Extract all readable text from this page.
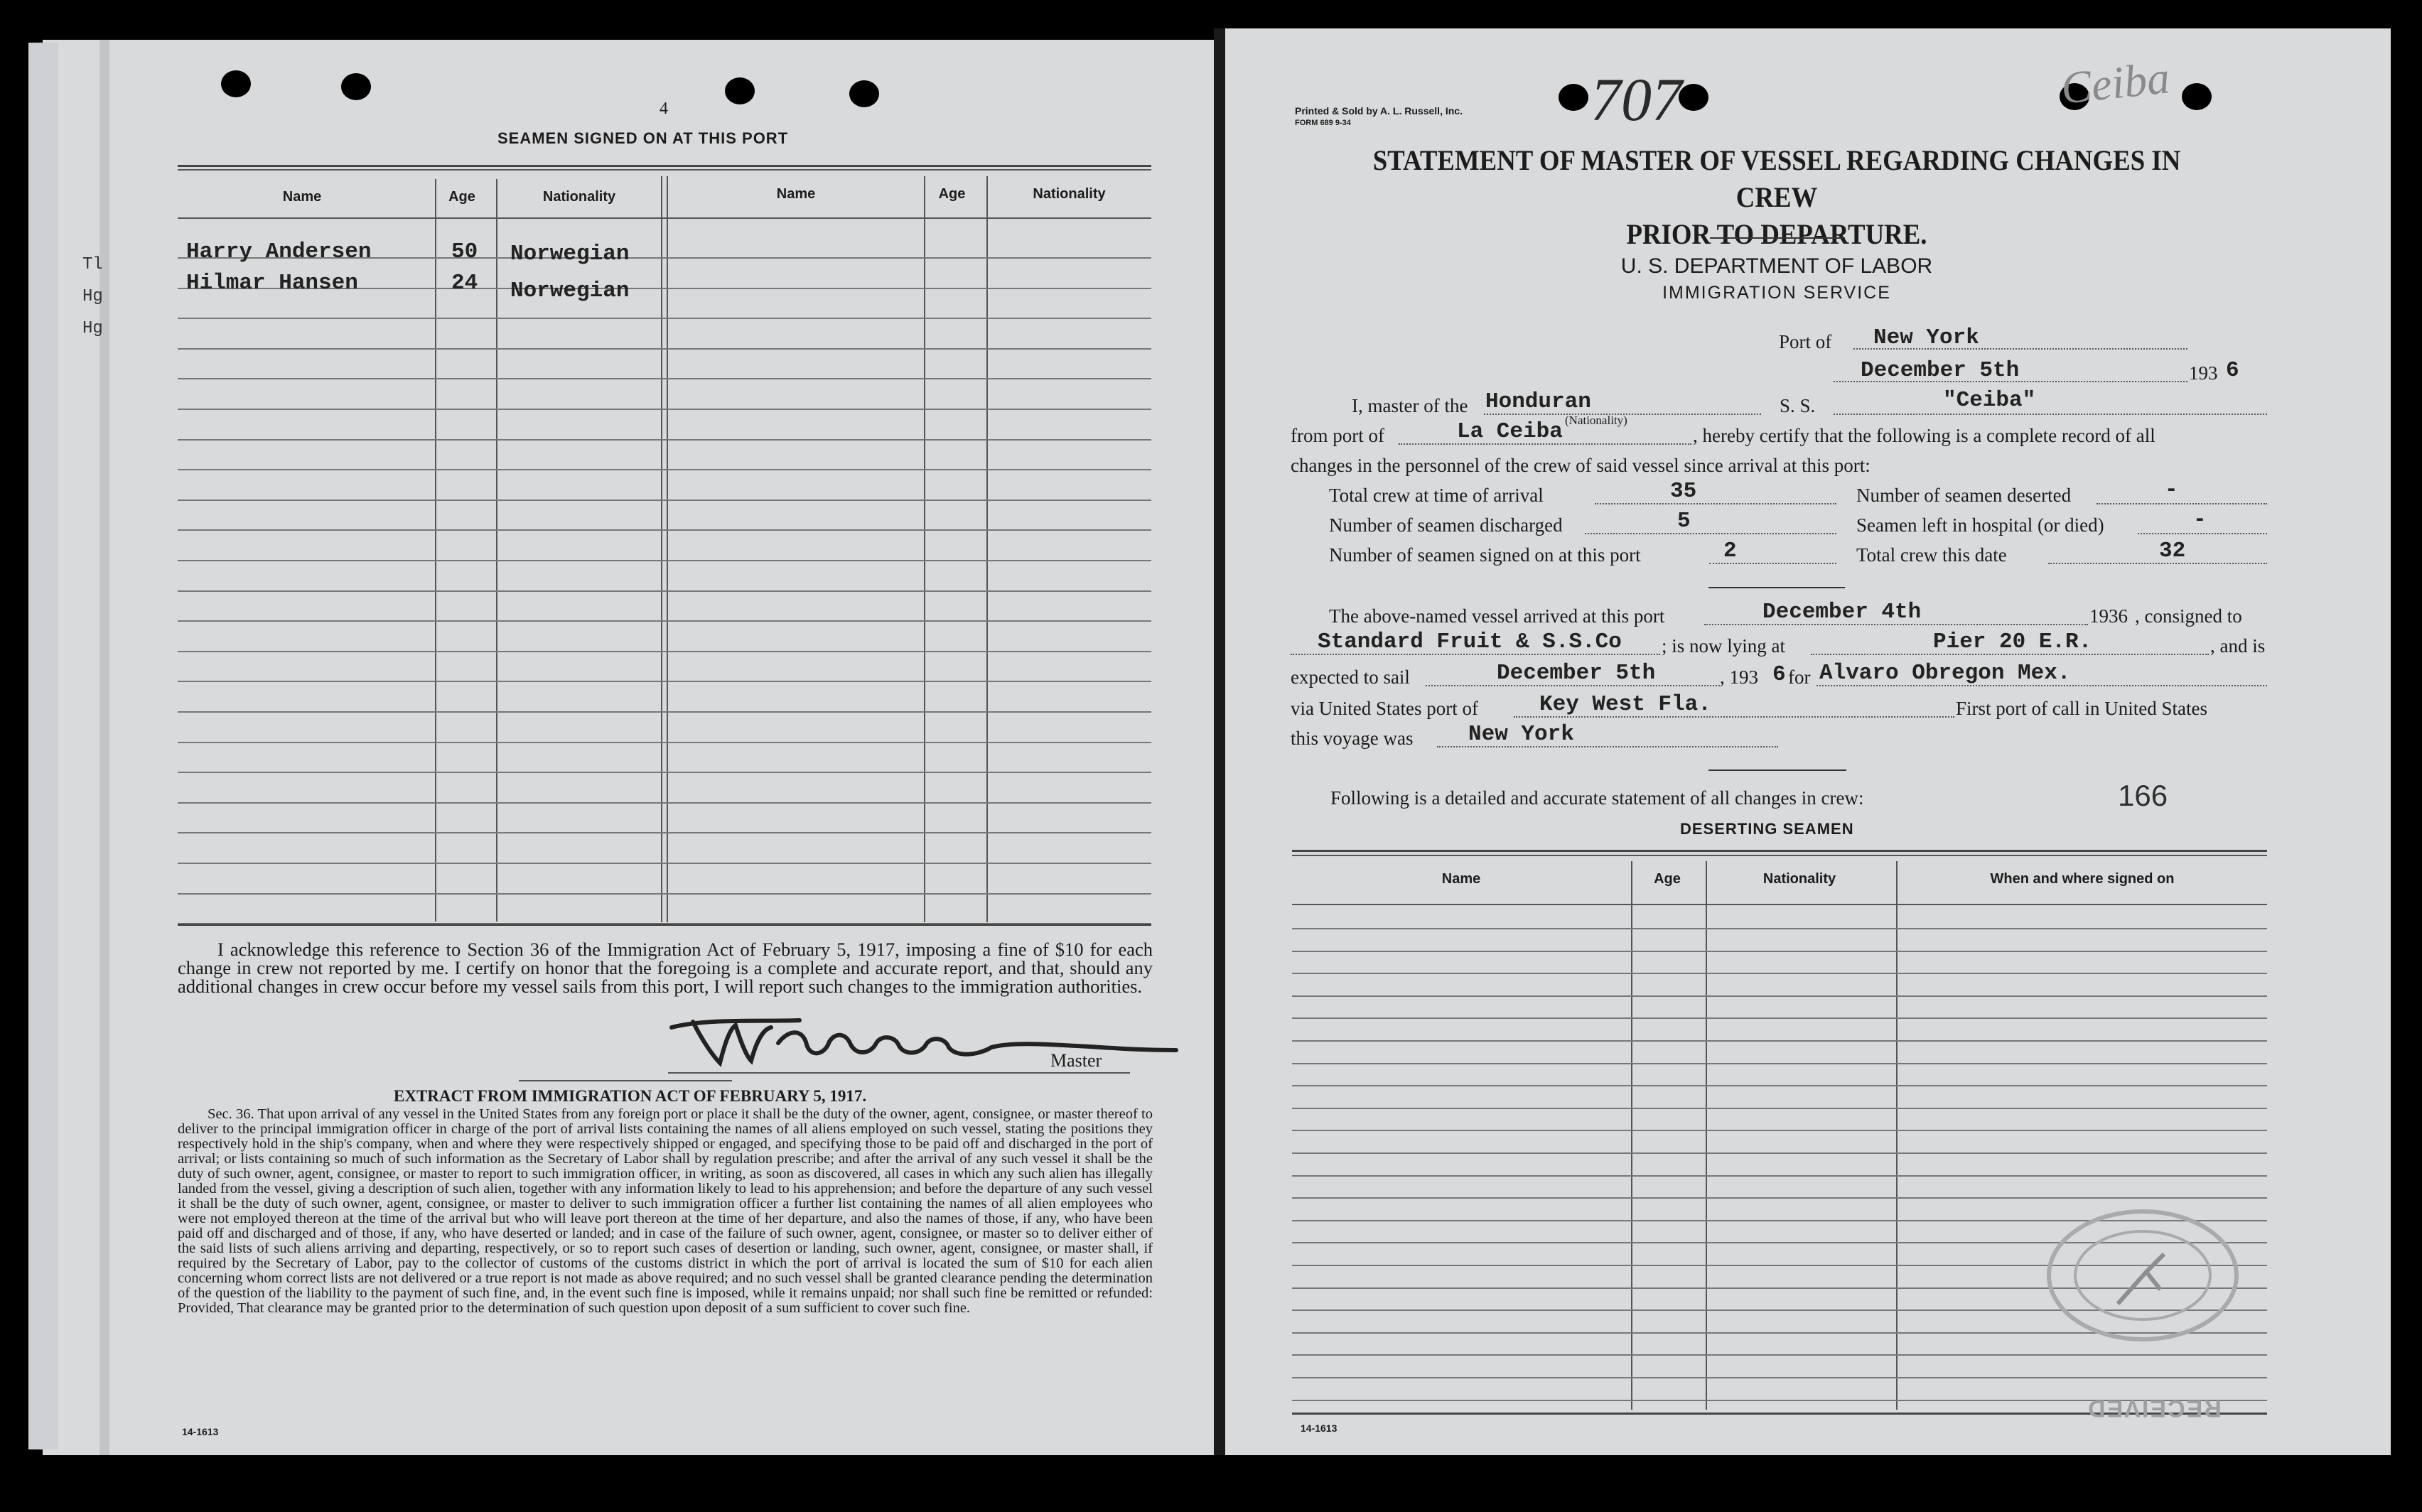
Tl
Hg
Hg
4
SEAMEN SIGNED ON AT THIS PORT
Name	Age	Nationality	Name	Age	Nationality
Harry Andersen	50 Norwegian
Hilmar Hansen	24 Norwegian
I acknowledge this reference to Section 36 of the Immigration Act of February 5, 1917, imposing a fine of $10 for each change in crew not reported by me. I certify on honor that the foregoing is a complete and accurate report, and that, should any additional changes in crew occur before my vessel sails from this port, I will report such changes to the immigration authorities.
Master
EXTRACT FROM IMMIGRATION ACT OF FEBRUARY 5, 1917.
Sec. 36. That upon arrival of any vessel in the United States from any foreign port or place it shall be the duty of the owner, agent, consignee, or master thereof to deliver to the principal immigration officer in charge of the port of arrival lists containing the names of all aliens employed on such vessel, stating the positions they respectively hold in the ship's company, when and where they were respectively shipped or engaged, and specifying those to be paid off and discharged in the port of arrival; or lists containing so much of such information as the Secretary of Labor shall by regulation prescribe; and after the arrival of any such vessel it shall be the duty of such owner, agent, consignee, or master to report to such immigration officer, in writing, as soon as discovered, all cases in which any such alien has illegally landed from the vessel, giving a description of such alien, together with any information likely to lead to his apprehension; and before the departure of any such vessel it shall be the duty of such owner, agent, consignee, or master to deliver to such immigration officer a further list containing the names of all alien employees who were not employed thereon at the time of the arrival but who will leave port thereon at the time of her departure, and also the names of those, if any, who have been paid off and discharged and of those, if any, who have deserted or landed; and in case of the failure of such owner, agent, consignee, or master so to deliver either of the said lists of such aliens arriving and departing, respectively, or so to report such cases of desertion or landing, such owner, agent, consignee, or master shall, if required by the Secretary of Labor, pay to the collector of customs of the customs district in which the port of arrival is located the sum of $10 for each alien concerning whom correct lists are not delivered or a true report is not made as above required; and no such vessel shall be granted clearance pending the determination of the question of the liability to the payment of such fine, and, in the event such fine is imposed, while it remains unpaid; nor shall such fine be remitted or refunded: Provided, That clearance may be granted prior to the determination of such question upon deposit of a sum sufficient to cover such fine.
14-1613
Printed & Sold by A. L. Russell, Inc.
FORM 689 9-34	707	Ceiba
STATEMENT OF MASTER OF VESSEL REGARDING CHANGES IN CREW
PRIOR TO DEPARTURE.
U. S. DEPARTMENT OF LABOR
IMMIGRATION SERVICE
Port of New York
December 5th	193 6
I, master of the Honduran
(Nationality)
S. S.	"Ceiba"
from port of	La Ceiba	, hereby certify that the following is a complete record of all
changes in the personnel of the crew of said vessel since arrival at this port:
Total crew at time of arrival	35
Number of seamen discharged	5
Number of seamen signed on at this port	2
Number of seamen deserted	-
Seamen left in hospital (or died)	-
Total crew this date	32
The above-named vessel arrived at this port	December 4th	1936 , consigned to
Standard Fruit & S.S.Co ; is now lying at	Pier 20 E.R.	, and is
expected to sail	December 5th	, 193 6 for Alvaro Obregon Mex.
via United States port of	Key West Fla.	First port of call in United States
this voyage was	New York
Following is a detailed and accurate statement of all changes in crew:	166
DESERTING SEAMEN
Name	Age	Nationality	When and where signed on
RECEIVED
14-1613
